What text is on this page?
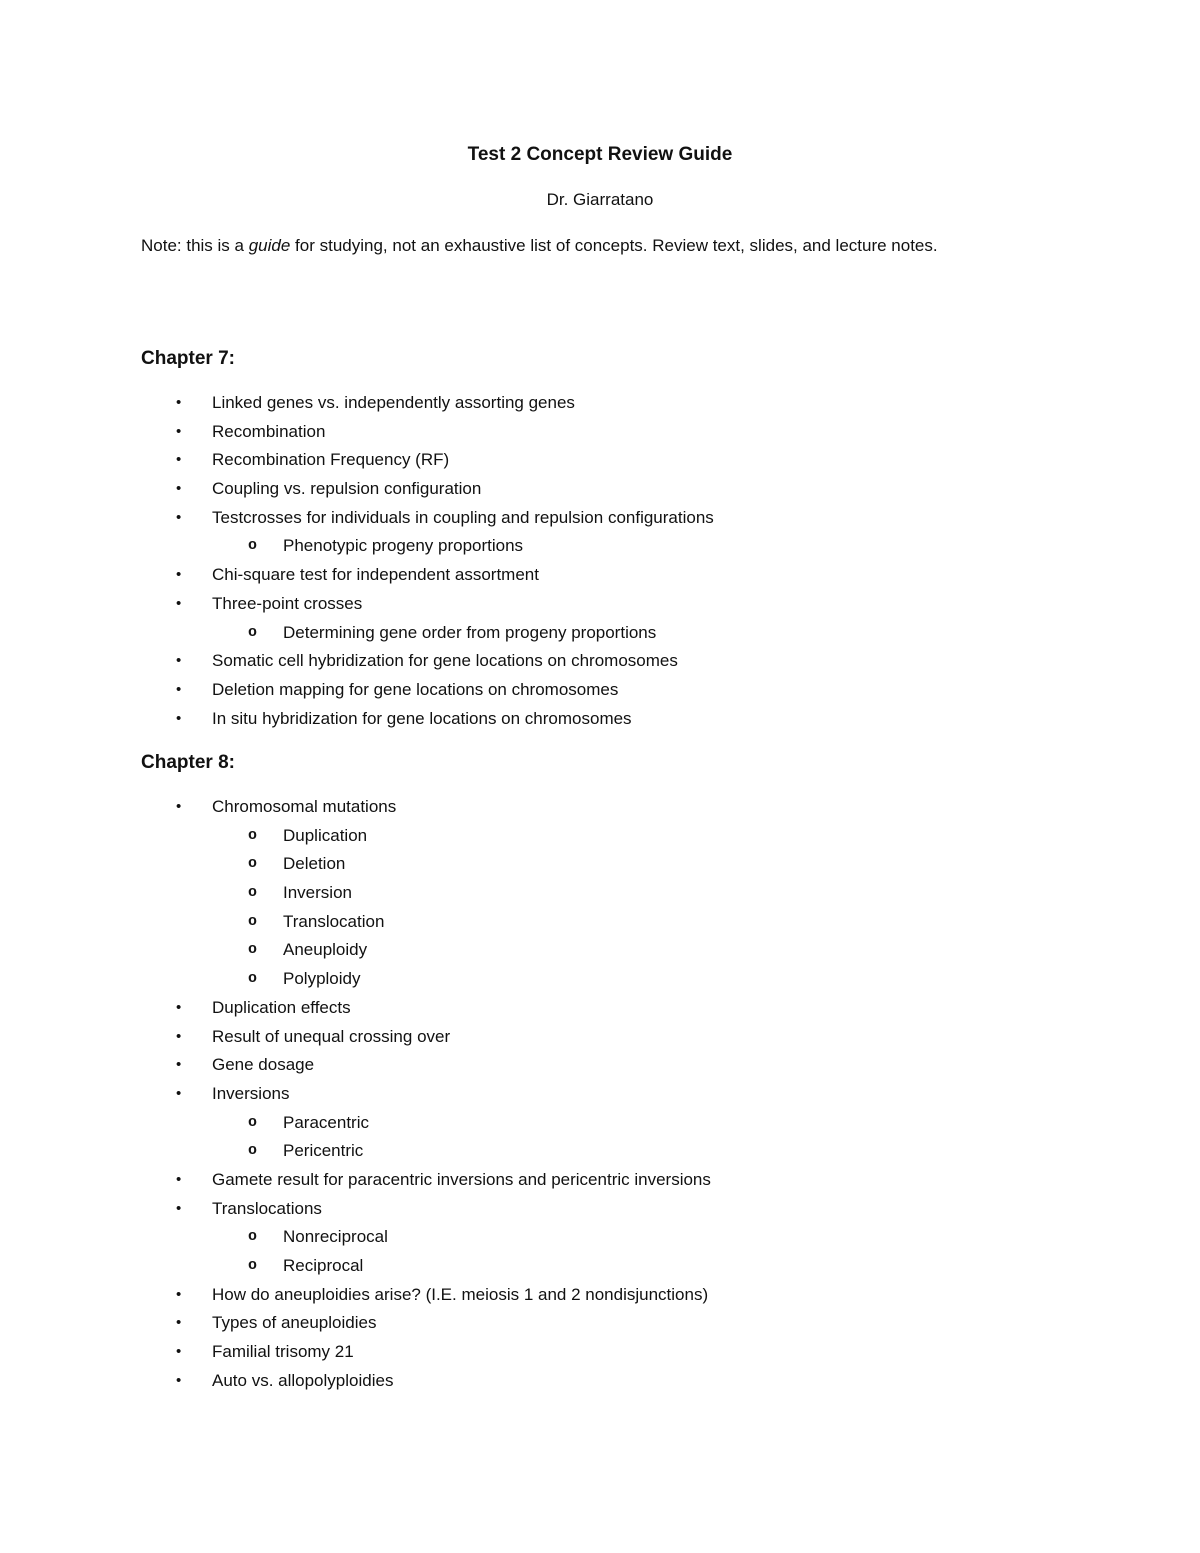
Test 2 Concept Review Guide
Dr. Giarratano
Note: this is a guide for studying, not an exhaustive list of concepts. Review text, slides, and lecture notes.
Chapter 7:
• Linked genes vs. independently assorting genes
• Recombination
• Recombination Frequency (RF)
• Coupling vs. repulsion configuration
• Testcrosses for individuals in coupling and repulsion configurations
o Phenotypic progeny proportions
• Chi-square test for independent assortment
• Three-point crosses
o Determining gene order from progeny proportions
• Somatic cell hybridization for gene locations on chromosomes
• Deletion mapping for gene locations on chromosomes
• In situ hybridization for gene locations on chromosomes
Chapter 8:
• Chromosomal mutations
o Duplication
o Deletion
o Inversion
o Translocation
o Aneuploidy
o Polyploidy
• Duplication effects
• Result of unequal crossing over
• Gene dosage
• Inversions
o Paracentric
o Pericentric
• Gamete result for paracentric inversions and pericentric inversions
• Translocations
o Nonreciprocal
o Reciprocal
• How do aneuploidies arise? (I.E. meiosis 1 and 2 nondisjunctions)
• Types of aneuploidies
• Familial trisomy 21
• Auto vs. allopolyploidies
